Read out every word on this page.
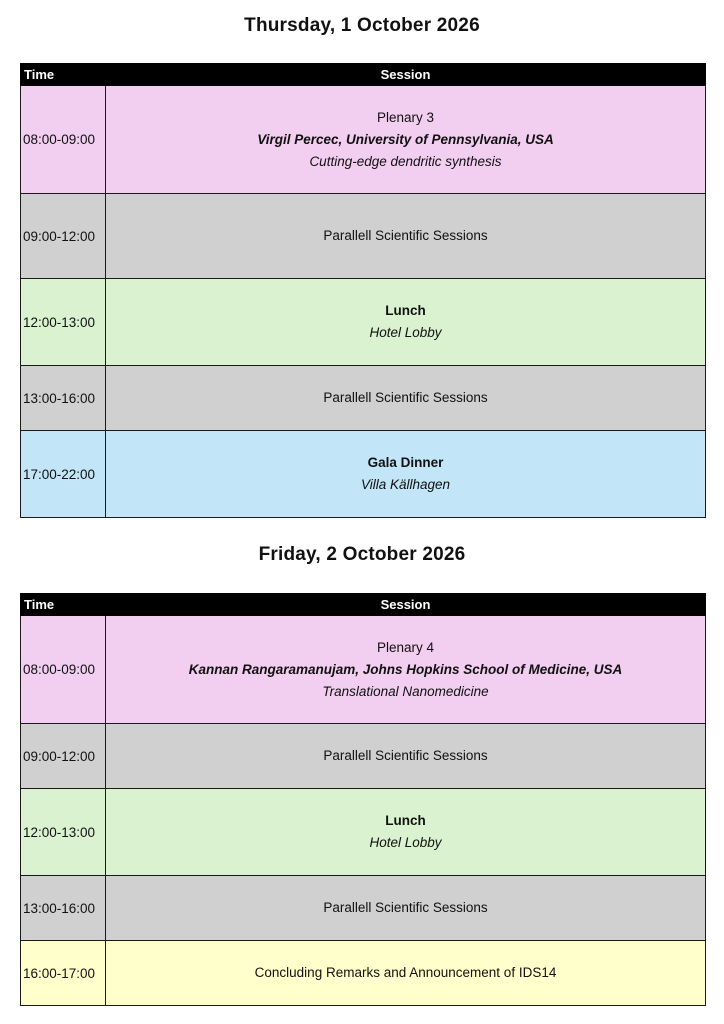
Thursday, 1 October 2026
Time	Session
08:00-09:00	Plenary 3
Virgil Percec, University of Pennsylvania, USA
Cutting-edge dendritic synthesis

09:00-12:00	Parallell Scientific Sessions

12:00-13:00	Lunch
Hotel Lobby

13:00-16:00	Parallell Scientific Sessions

17:00-22:00	Gala Dinner
Villa Källhagen
Friday, 2 October 2026
Time	Session
08:00-09:00	Plenary 4
Kannan Rangaramanujam, Johns Hopkins School of Medicine, USA
Translational Nanomedicine

09:00-12:00	Parallell Scientific Sessions

12:00-13:00	Lunch
Hotel Lobby

13:00-16:00	Parallell Scientific Sessions

16:00-17:00	Concluding Remarks and Announcement of IDS14
